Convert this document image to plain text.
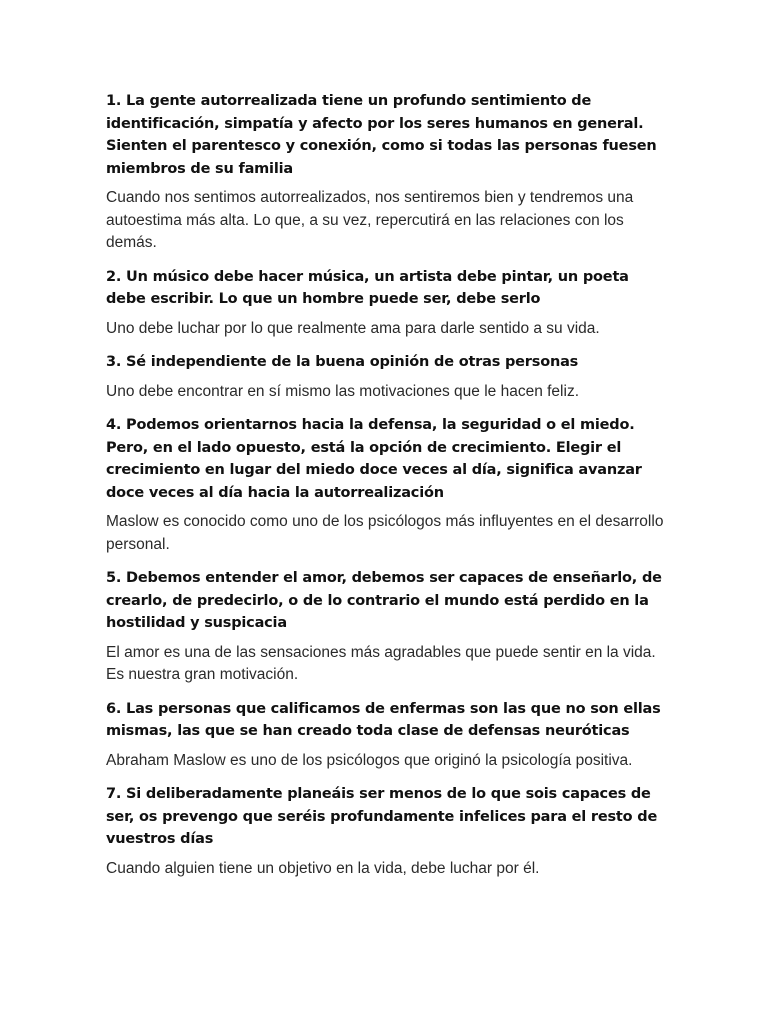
1. La gente autorrealizada tiene un profundo sentimiento de identificación, simpatía y afecto por los seres humanos en general. Sienten el parentesco y conexión, como si todas las personas fuesen miembros de su familia

Cuando nos sentimos autorrealizados, nos sentiremos bien y tendremos una autoestima más alta. Lo que, a su vez, repercutirá en las relaciones con los demás.

2. Un músico debe hacer música, un artista debe pintar, un poeta debe escribir. Lo que un hombre puede ser, debe serlo

Uno debe luchar por lo que realmente ama para darle sentido a su vida.

3. Sé independiente de la buena opinión de otras personas

Uno debe encontrar en sí mismo las motivaciones que le hacen feliz.

4. Podemos orientarnos hacia la defensa, la seguridad o el miedo. Pero, en el lado opuesto, está la opción de crecimiento. Elegir el crecimiento en lugar del miedo doce veces al día, significa avanzar doce veces al día hacia la autorrealización

Maslow es conocido como uno de los psicólogos más influyentes en el desarrollo personal.

5. Debemos entender el amor, debemos ser capaces de enseñarlo, de crearlo, de predecirlo, o de lo contrario el mundo está perdido en la hostilidad y suspicacia

El amor es una de las sensaciones más agradables que puede sentir en la vida. Es nuestra gran motivación.

6. Las personas que calificamos de enfermas son las que no son ellas mismas, las que se han creado toda clase de defensas neuróticas

Abraham Maslow es uno de los psicólogos que originó la psicología positiva.

7. Si deliberadamente planeáis ser menos de lo que sois capaces de ser, os prevengo que seréis profundamente infelices para el resto de vuestros días

Cuando alguien tiene un objetivo en la vida, debe luchar por él.
